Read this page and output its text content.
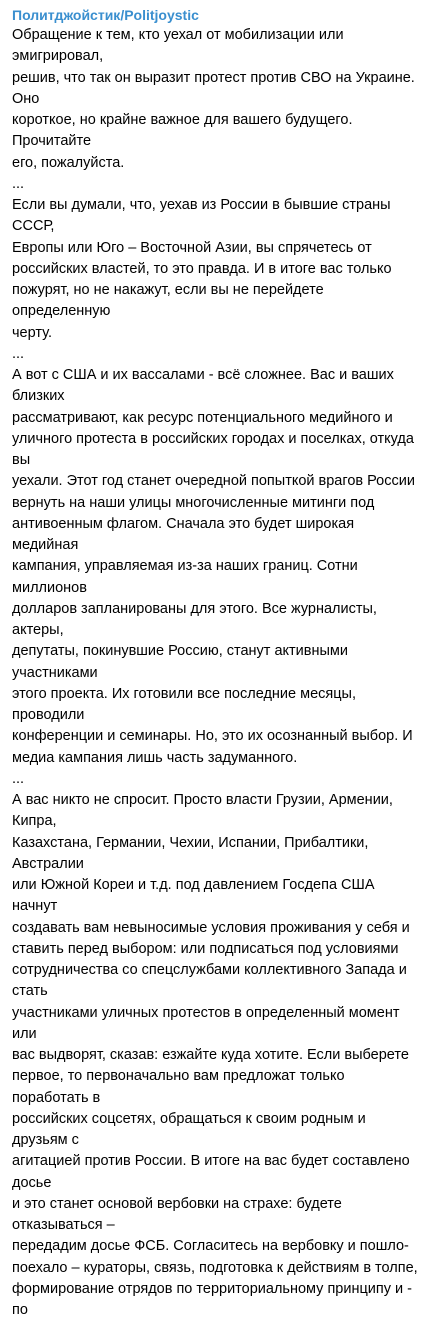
Политджойстик/Politjoystic

Обращение к тем, кто уехал от мобилизации или эмигрировал,
решив, что так он выразит протест против СВО на Украине. Оно
короткое, но крайне важное для вашего будущего. Прочитайте
его, пожалуйста.

...

Если вы думали, что, уехав из России в бывшие страны СССР,
Европы или Юго – Восточной Азии, вы спрячетесь от
российских властей, то это правда. И в итоге вас только
пожурят, но не накажут, если вы не перейдете определенную
черту.

...

А вот с США и их вассалами - всё сложнее. Вас и ваших близких
рассматривают, как ресурс потенциального медийного и
уличного протеста в российских городах и поселках, откуда вы
уехали. Этот год станет очередной попыткой врагов России
вернуть на наши улицы многочисленные митинги под
антивоенным флагом. Сначала это будет широкая медийная
кампания, управляемая из-за наших границ. Сотни миллионов
долларов запланированы для этого. Все журналисты, актеры,
депутаты, покинувшие Россию, станут активными участниками
этого проекта. Их готовили все последние месяцы, проводили
конференции и семинары. Но, это их осознанный выбор. И
медиа кампания лишь часть задуманного.

...

А вас никто не спросит. Просто власти Грузии, Армении, Кипра,
Казахстана, Германии, Чехии, Испании, Прибалтики, Австралии
или Южной Кореи и т.д. под давлением Госдепа США начнут
создавать вам невыносимые условия проживания у себя и
ставить перед выбором: или подписаться под условиями
сотрудничества со спецслужбами коллективного Запада и стать
участниками уличных протестов в определенный момент или
вас выдворят, сказав: езжайте куда хотите. Если выберете
первое, то первоначально вам предложат только поработать в
российских соцсетях, обращаться к своим родным и друзьям с
агитацией против России. В итоге на вас будет составлено досье
и это станет основой вербовки на страхе: будете отказываться –
передадим досье ФСБ. Согласитесь на вербовку и пошло-
поехало – кураторы, связь, подготовка к действиям в толпе,
формирование отрядов по территориальному принципу и - по
